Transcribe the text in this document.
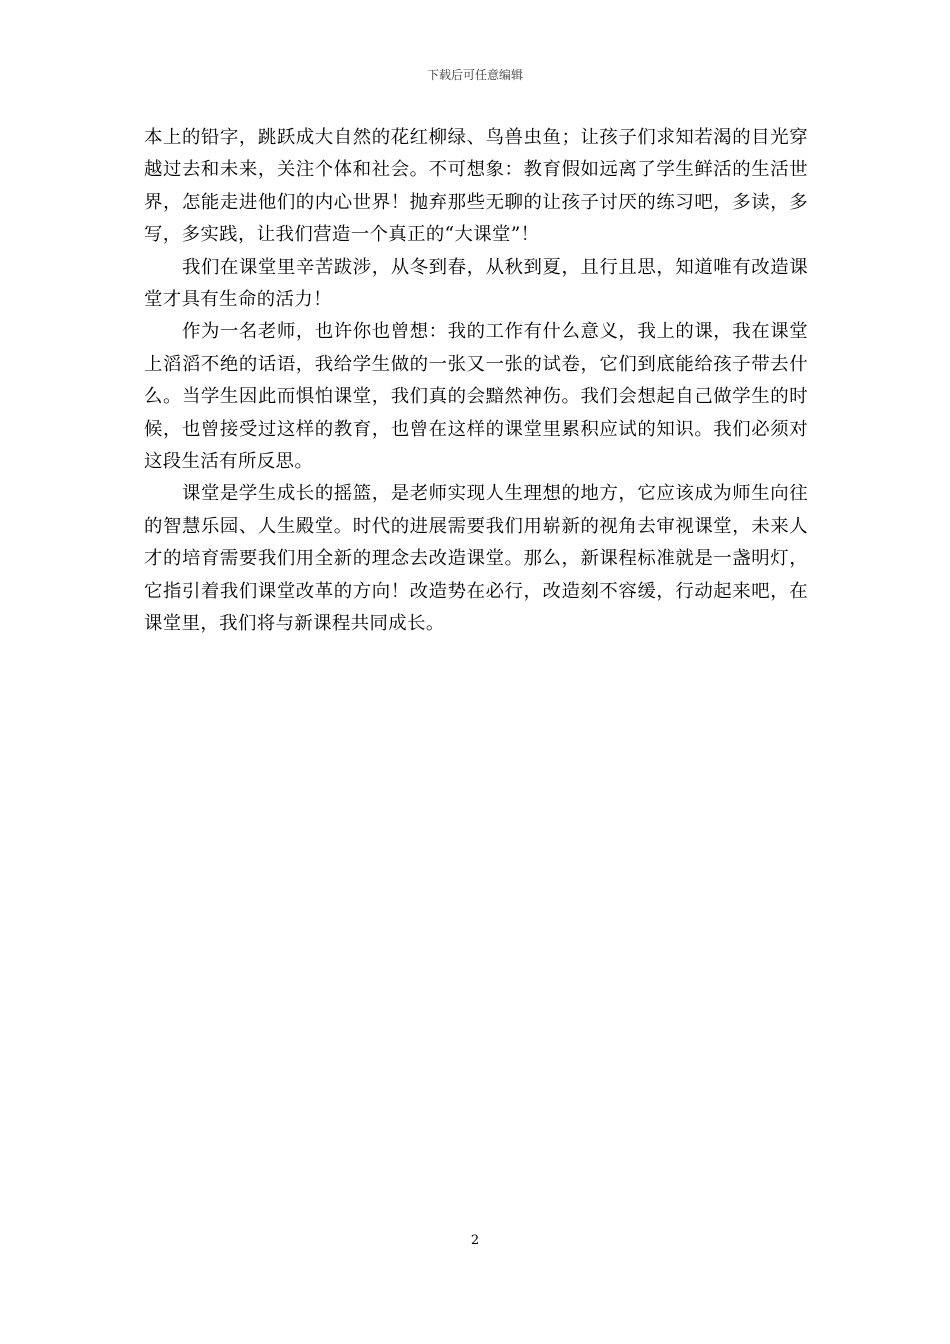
下载后可任意编辑

本上的铅字，跳跃成大自然的花红柳绿、鸟兽虫鱼；让孩子们求知若渴的目光穿越过去和未来，关注个体和社会。不可想象：教育假如远离了学生鲜活的生活世界，怎能走进他们的内心世界！抛弃那些无聊的让孩子讨厌的练习吧，多读，多写，多实践，让我们营造一个真正的“大课堂”！

我们在课堂里辛苦跋涉，从冬到春，从秋到夏，且行且思，知道唯有改造课堂才具有生命的活力！

作为一名老师，也许你也曾想：我的工作有什么意义，我上的课，我在课堂上滔滔不绝的话语，我给学生做的一张又一张的试卷，它们到底能给孩子带去什么。当学生因此而惧怕课堂，我们真的会黯然神伤。我们会想起自己做学生的时候，也曾接受过这样的教育，也曾在这样的课堂里累积应试的知识。我们必须对这段生活有所反思。

课堂是学生成长的摇篮，是老师实现人生理想的地方，它应该成为师生向往的智慧乐园、人生殿堂。时代的进展需要我们用崭新的视角去审视课堂，未来人才的培育需要我们用全新的理念去改造课堂。那么，新课程标准就是一盏明灯，它指引着我们课堂改革的方向！改造势在必行，改造刻不容缓，行动起来吧，在课堂里，我们将与新课程共同成长。

2
